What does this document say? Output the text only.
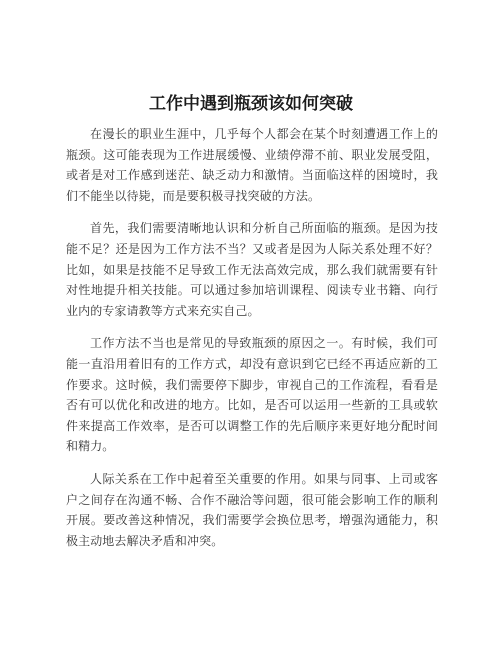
工作中遇到瓶颈该如何突破

在漫长的职业生涯中，几乎每个人都会在某个时刻遭遇工作上的瓶颈。这可能表现为工作进展缓慢、业绩停滞不前、职业发展受阻，或者是对工作感到迷茫、缺乏动力和激情。当面临这样的困境时，我们不能坐以待毙，而是要积极寻找突破的方法。

首先，我们需要清晰地认识和分析自己所面临的瓶颈。是因为技能不足？还是因为工作方法不当？又或者是因为人际关系处理不好？比如，如果是技能不足导致工作无法高效完成，那么我们就需要有针对性地提升相关技能。可以通过参加培训课程、阅读专业书籍、向行业内的专家请教等方式来充实自己。

工作方法不当也是常见的导致瓶颈的原因之一。有时候，我们可能一直沿用着旧有的工作方式，却没有意识到它已经不再适应新的工作要求。这时候，我们需要停下脚步，审视自己的工作流程，看看是否有可以优化和改进的地方。比如，是否可以运用一些新的工具或软件来提高工作效率，是否可以调整工作的先后顺序来更好地分配时间和精力。

人际关系在工作中起着至关重要的作用。如果与同事、上司或客户之间存在沟通不畅、合作不融洽等问题，很可能会影响工作的顺利开展。要改善这种情况，我们需要学会换位思考，增强沟通能力，积极主动地去解决矛盾和冲突。
